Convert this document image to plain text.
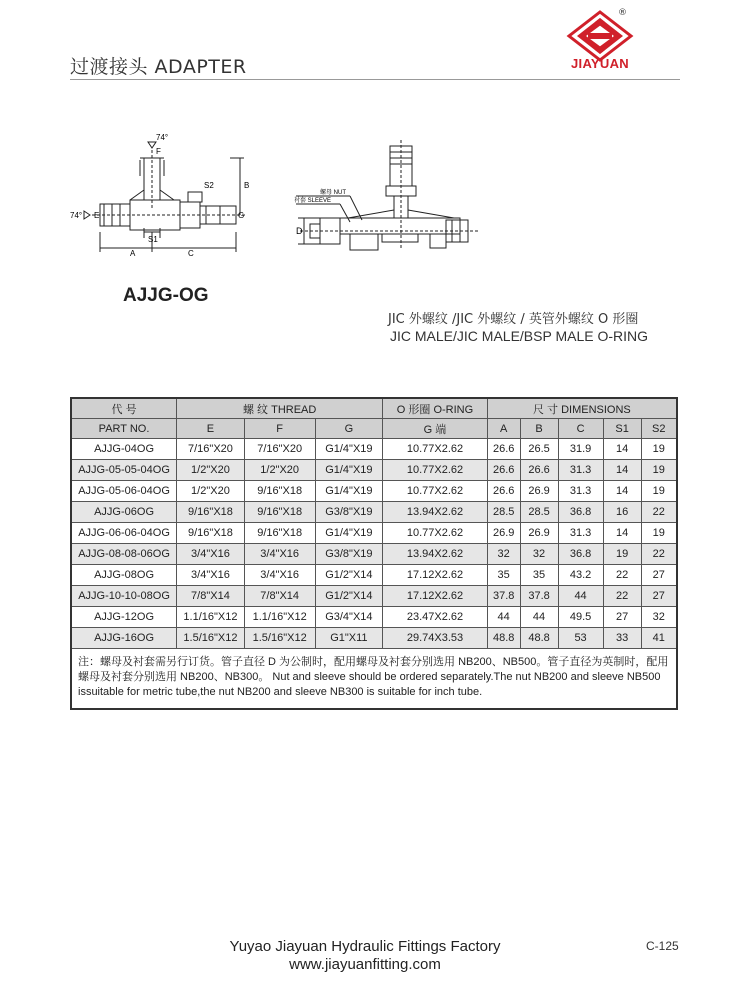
过渡接头 ADAPTER
®
JIAYUAN
74°
74°
F
S2	B
E	G
S1
A	C
螺母 NUT
衬套 SLEEVE
D
AJJG-OG
JIC 外螺纹 /JIC 外螺纹 / 英管外螺纹 O 形圈
JIC MALE/JIC MALE/BSP MALE O-RING
代 号	螺 纹 THREAD			O 形圈 O-RING	尺 寸 DIMENSIONS				
PART NO.	E	F	G	G 端	A	B	C	S1	S2
AJJG-04OG	7/16"X20	7/16"X20	G1/4"X19	10.77X2.62	26.6	26.5	31.9	14	19
AJJG-05-05-04OG	1/2"X20	1/2"X20	G1/4"X19	10.77X2.62	26.6	26.6	31.3	14	19
AJJG-05-06-04OG	1/2"X20	9/16"X18	G1/4"X19	10.77X2.62	26.6	26.9	31.3	14	19
AJJG-06OG	9/16"X18	9/16"X18	G3/8"X19	13.94X2.62	28.5	28.5	36.8	16	22
AJJG-06-06-04OG	9/16"X18	9/16"X18	G1/4"X19	10.77X2.62	26.9	26.9	31.3	14	19
AJJG-08-08-06OG	3/4"X16	3/4"X16	G3/8"X19	13.94X2.62	32	32	36.8	19	22
AJJG-08OG	3/4"X16	3/4"X16	G1/2"X14	17.12X2.62	35	35	43.2	22	27
AJJG-10-10-08OG	7/8"X14	7/8"X14	G1/2"X14	17.12X2.62	37.8	37.8	44	22	27
AJJG-12OG	1.1/16"X12	1.1/16"X12	G3/4"X14	23.47X2.62	44	44	49.5	27	32
AJJG-16OG	1.5/16"X12	1.5/16"X12	G1"X11	29.74X3.53	48.8	48.8	53	33	41
注：螺母及衬套需另行订货。管子直径 D 为公制时，配用螺母及衬套分别选用 NB200、NB500。管子直径为英制时，配用螺母及衬套分别选用 NB200、NB300。 Nut and sleeve should be ordered separately.The nut NB200 and sleeve NB500 issuitable for metric tube,the nut NB200 and sleeve NB300 is suitable for inch tube.									
Yuyao Jiayuan Hydraulic Fittings Factory
www.jiayuanfitting.com
C-125
